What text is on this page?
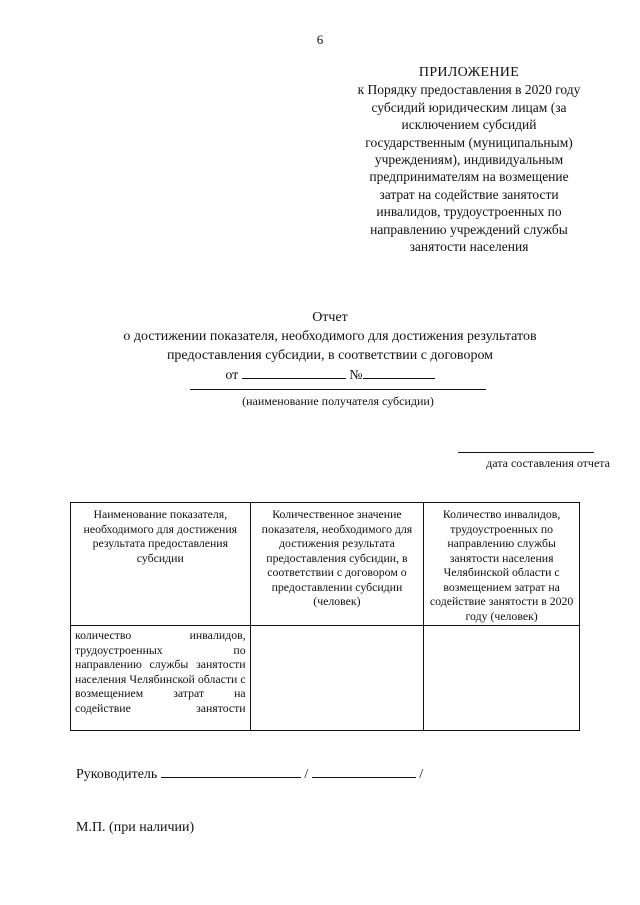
6
ПРИЛОЖЕНИЕ
к Порядку предоставления в 2020 году
субсидий юридическим лицам (за
исключением субсидий
государственным (муниципальным)
учреждениям), индивидуальным
предпринимателям на возмещение
затрат на содействие занятости
инвалидов, трудоустроенных по
направлению учреждений службы
занятости населения
Отчет
о достижении показателя, необходимого для достижения результатов
предоставления субсидии, в соответствии с договором
от	№
(наименование получателя субсидии)
дата составления отчета
Наименование показателя, необходимого для достижения результата предоставления субсидии	Количественное значение показателя, необходимого для достижения результата предоставления субсидии, в соответствии с договором о предоставлении субсидии (человек)	Количество инвалидов, трудоустроенных по направлению службы занятости населения Челябинской области с возмещением затрат на содействие занятости в 2020 году (человек)
количество инвалидов, трудоустроенных по направлению службы занятости населения Челябинской области с возмещением затрат на содействие занятости		
Руководитель	/	/
М.П. (при наличии)
